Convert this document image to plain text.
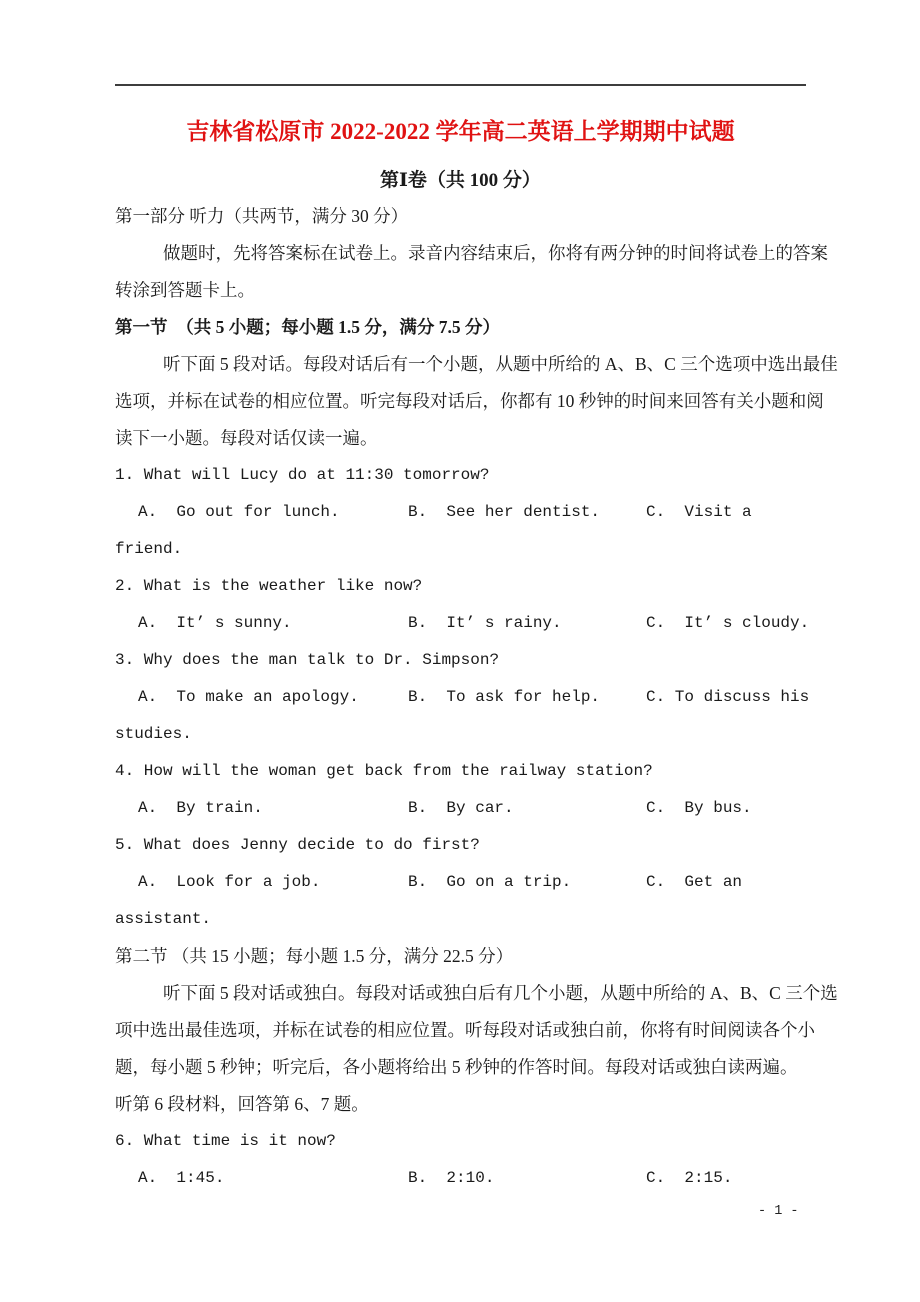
吉林省松原市 2022-2022 学年高二英语上学期期中试题
第Ⅰ卷（共 100 分）
第一部分 听力（共两节，满分 30 分）
做题时，先将答案标在试卷上。录音内容结束后，你将有两分钟的时间将试卷上的答案
转涂到答题卡上。
第一节　（共 5 小题；每小题 1.5 分，满分 7.5 分）
听下面 5 段对话。每段对话后有一个小题，从题中所给的 A、B、C 三个选项中选出最佳
选项，并标在试卷的相应位置。听完每段对话后，你都有 10 秒钟的时间来回答有关小题和阅
读下一小题。每段对话仅读一遍。
1. What will Lucy do at 11:30 tomorrow?
A.  Go out for lunch.	B.  See her dentist.	C.  Visit a
friend.
2. What is the weather like now?
A.  It’ s sunny.	B.  It’ s rainy.	C.  It’ s cloudy.
3. Why does the man talk to Dr. Simpson?
A.  To make an apology.	B.  To ask for help.	C. To discuss his
studies.
4. How will the woman get back from the railway station?
A.  By train.	B.  By car.	C.  By bus.
5. What does Jenny decide to do first?
A.  Look for a job.	B.  Go on a trip.	C.  Get an
assistant.
第二节 （共 15 小题；每小题 1.5 分，满分 22.5 分）
听下面 5 段对话或独白。每段对话或独白后有几个小题，从题中所给的 A、B、C 三个选
项中选出最佳选项，并标在试卷的相应位置。听每段对话或独白前，你将有时间阅读各个小
题，每小题 5 秒钟；听完后，各小题将给出 5 秒钟的作答时间。每段对话或独白读两遍。
听第 6 段材料，回答第 6、7 题。
6. What time is it now?
A.  1:45.	B.  2:10.	C.  2:15.
- 1 -
